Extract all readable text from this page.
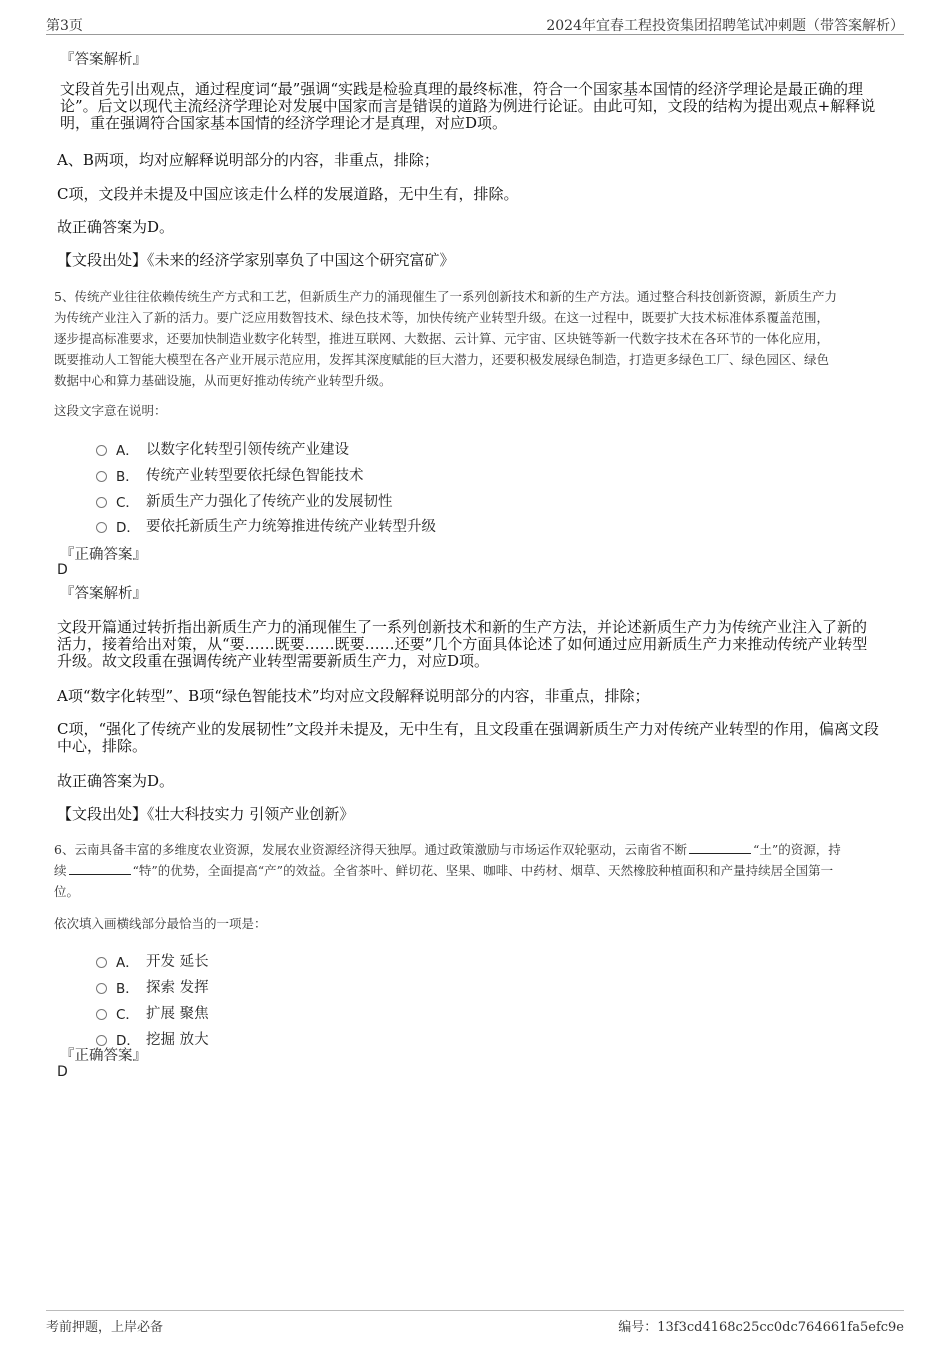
第3页	2024年宜春工程投资集团招聘笔试冲刺题（带答案解析）
『答案解析』
文段首先引出观点，通过程度词“最”强调“实践是检验真理的最终标准，符合一个国家基本国情的经济学理论是最正确的理
论”。后文以现代主流经济学理论对发展中国家而言是错误的道路为例进行论证。由此可知，文段的结构为提出观点+解释说
明，重在强调符合国家基本国情的经济学理论才是真理，对应D项。
A、B两项，均对应解释说明部分的内容，非重点，排除；
C项，文段并未提及中国应该走什么样的发展道路，无中生有，排除。
故正确答案为D。
【文段出处】《未来的经济学家别辜负了中国这个研究富矿》
5、传统产业往往依赖传统生产方式和工艺，但新质生产力的涌现催生了一系列创新技术和新的生产方法。通过整合科技创新资源，新质生产力
为传统产业注入了新的活力。要广泛应用数智技术、绿色技术等，加快传统产业转型升级。在这一过程中，既要扩大技术标准体系覆盖范围，
逐步提高标准要求，还要加快制造业数字化转型，推进互联网、大数据、云计算、元宇宙、区块链等新一代数字技术在各环节的一体化应用，
既要推动人工智能大模型在各产业开展示范应用，发挥其深度赋能的巨大潜力，还要积极发展绿色制造，打造更多绿色工厂、绿色园区、绿色
数据中心和算力基础设施，从而更好推动传统产业转型升级。
这段文字意在说明：
A． 以数字化转型引领传统产业建设
B． 传统产业转型要依托绿色智能技术
C． 新质生产力强化了传统产业的发展韧性
D． 要依托新质生产力统筹推进传统产业转型升级
『正确答案』
D
『答案解析』
文段开篇通过转折指出新质生产力的涌现催生了一系列创新技术和新的生产方法，并论述新质生产力为传统产业注入了新的
活力，接着给出对策，从“要……既要……既要……还要”几个方面具体论述了如何通过应用新质生产力来推动传统产业转型
升级。故文段重在强调传统产业转型需要新质生产力，对应D项。
A项“数字化转型”、B项“绿色智能技术”均对应文段解释说明部分的内容，非重点，排除；
C项，“强化了传统产业的发展韧性”文段并未提及，无中生有，且文段重在强调新质生产力对传统产业转型的作用，偏离文段
中心，排除。
故正确答案为D。
【文段出处】《壮大科技实力 引领产业创新》
6、云南具备丰富的多维度农业资源，发展农业资源经济得天独厚。通过政策激励与市场运作双轮驱动，云南省不断	“土”的资源，持
续	“特”的优势，全面提高“产”的效益。全省茶叶、鲜切花、坚果、咖啡、中药材、烟草、天然橡胶种植面积和产量持续居全国第一
位。
依次填入画横线部分最恰当的一项是：
A． 开发 延长
B． 探索 发挥
C． 扩展 聚焦
D． 挖掘 放大
『正确答案』
D
考前押题，上岸必备	编号：13f3cd4168c25cc0dc764661fa5efc9e
